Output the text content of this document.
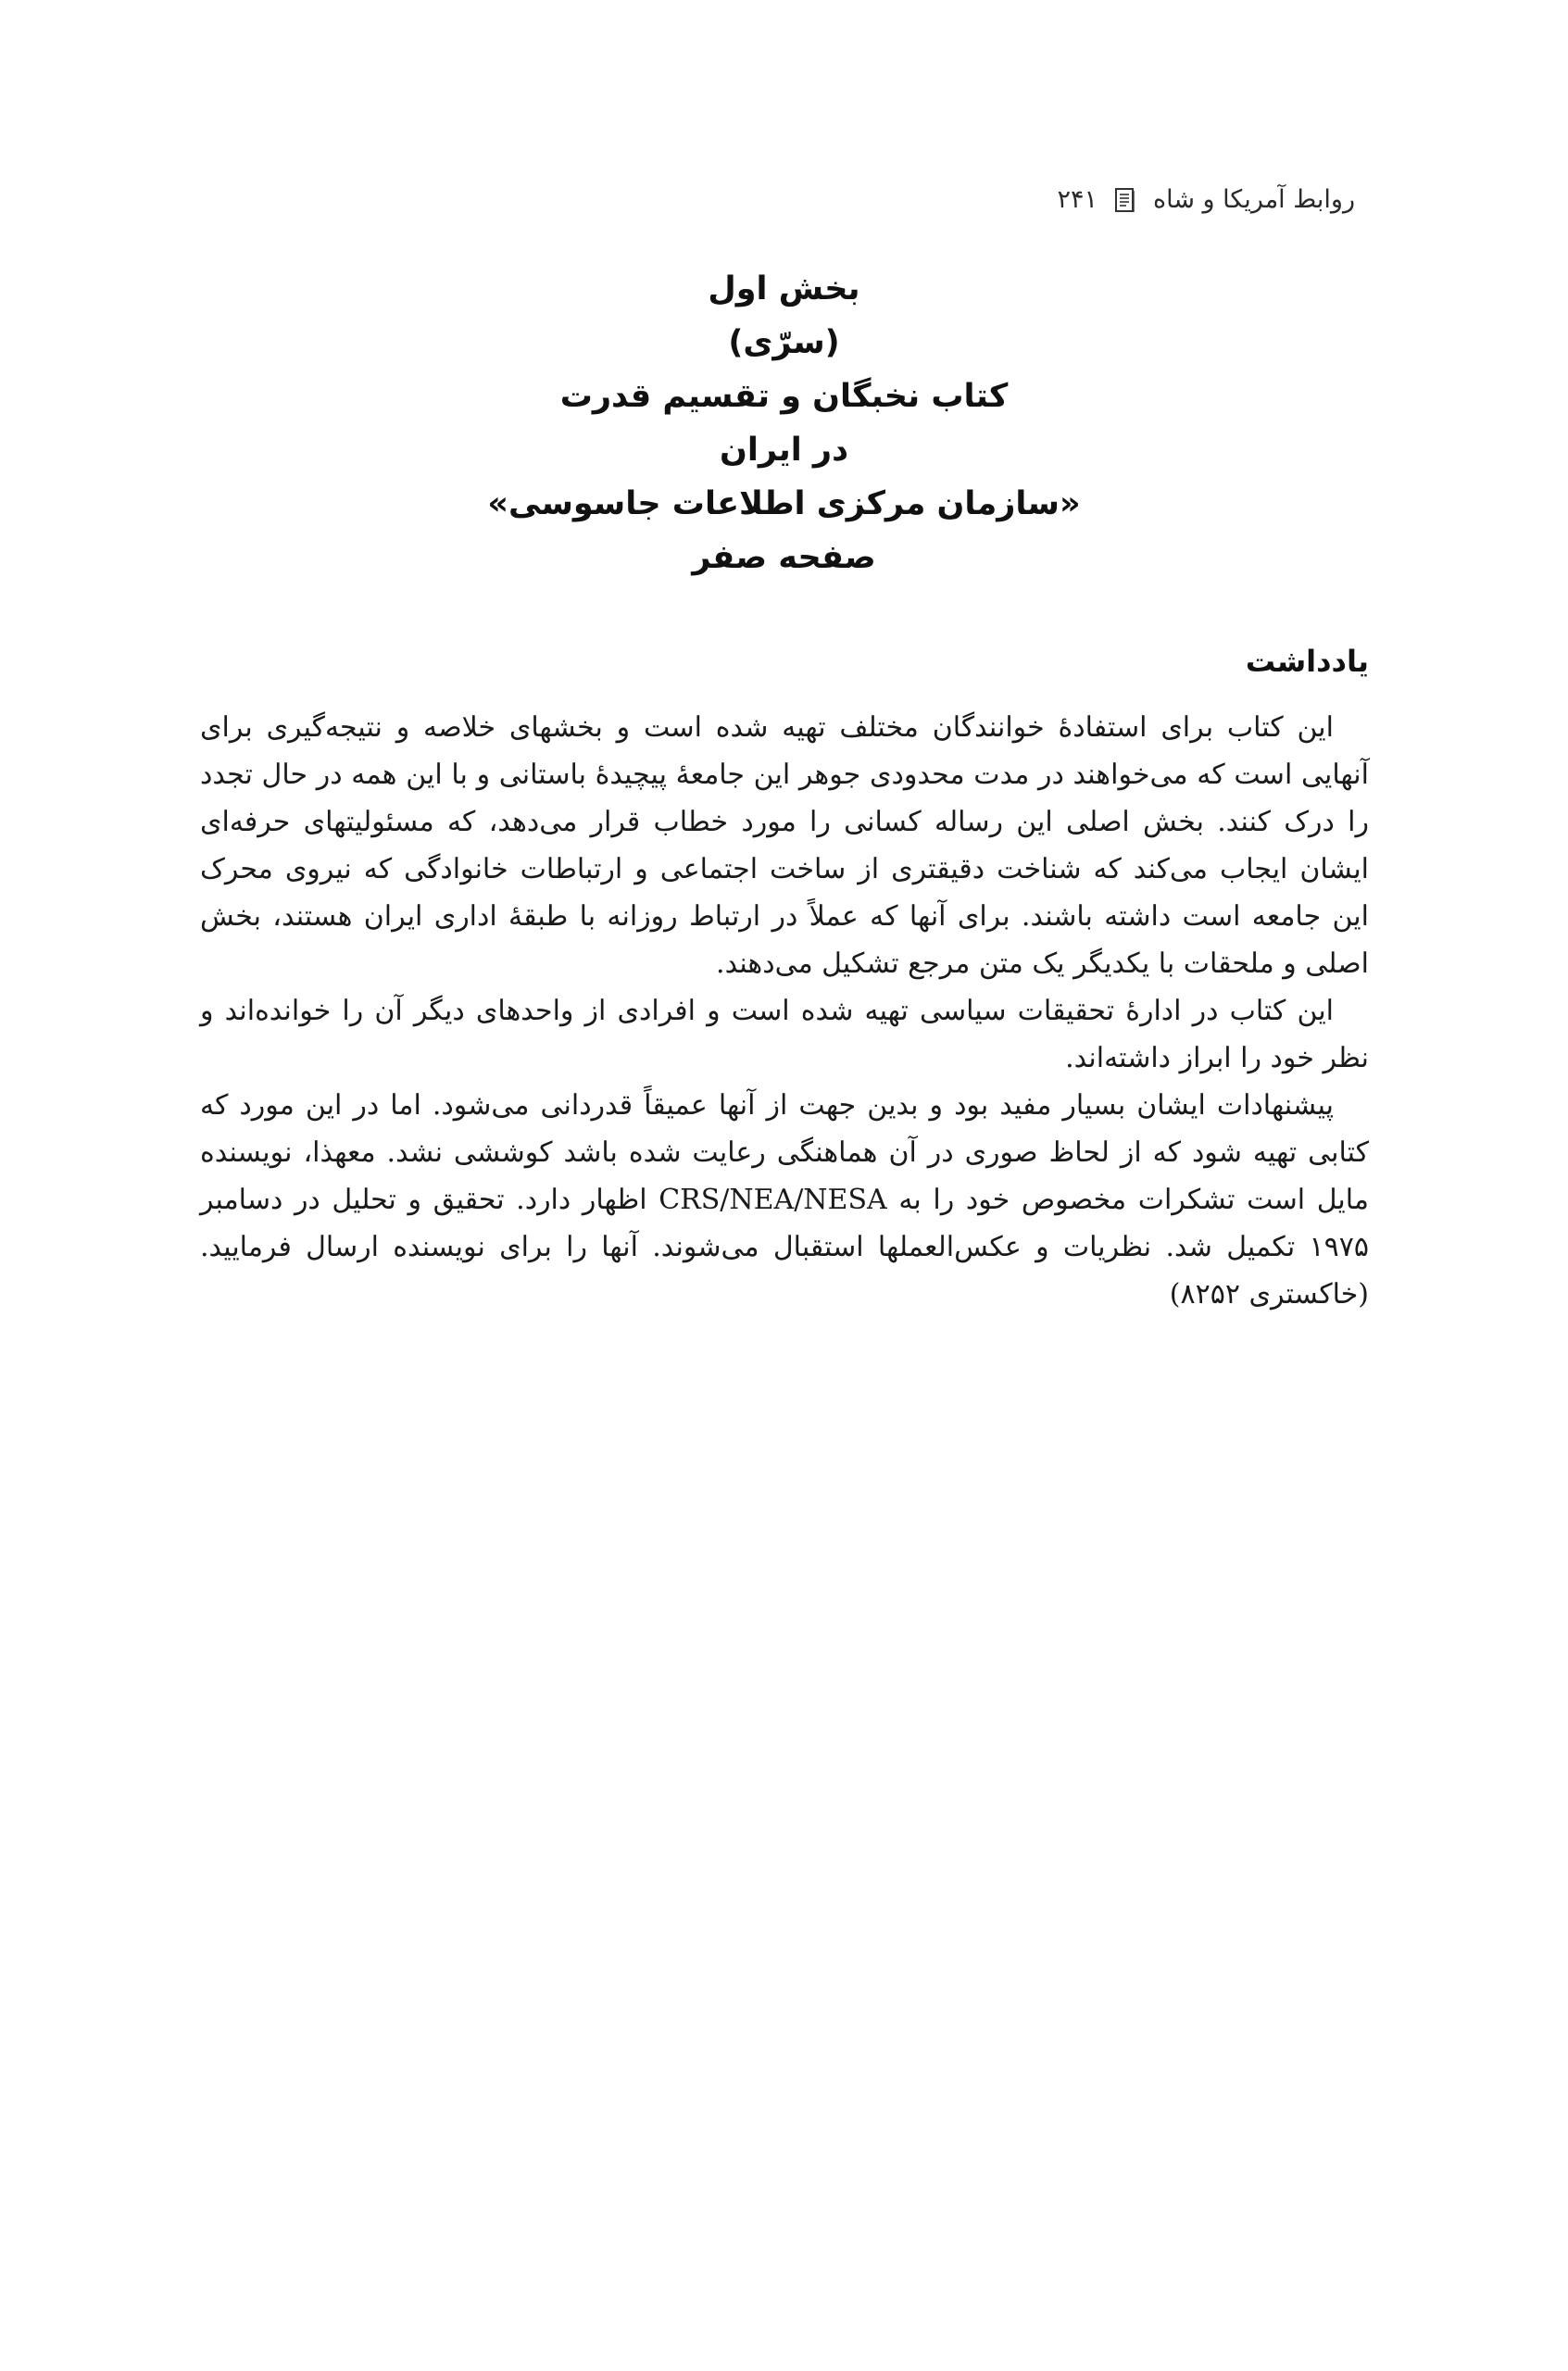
روابط آمریکا و شاه
۲۴۱
بخش اول
(سرّی)
کتاب نخبگان و تقسیم قدرت
در ایران
«سازمان مرکزی اطلاعات جاسوسی»
صفحه صفر
یادداشت

این کتاب برای استفادهٔ خوانندگان مختلف تهیه شده است و بخشهای خلاصه و نتیجه‌گیری برای آنهایی است که می‌خواهند در مدت محدودی جوهر این جامعهٔ پیچیدهٔ باستانی و با این همه در حال تجدد را درک کنند. بخش اصلی این رساله کسانی را مورد خطاب قرار می‌دهد، که مسئولیتهای حرفه‌ای ایشان ایجاب می‌کند که شناخت دقیقتری از ساخت اجتماعی و ارتباطات خانوادگی که نیروی محرک این جامعه است داشته باشند. برای آنها که عملاً در ارتباط روزانه با طبقهٔ اداری ایران هستند، بخش اصلی و ملحقات با یکدیگر یک متن مرجع تشکیل می‌دهند.

این کتاب در ادارهٔ تحقیقات سیاسی تهیه شده است و افرادی از واحدهای دیگر آن را خوانده‌اند و نظر خود را ابراز داشته‌اند.

پیشنهادات ایشان بسیار مفید بود و بدین جهت از آنها عمیقاً قدردانی می‌شود. اما در این مورد که کتابی تهیه شود که از لحاظ صوری در آن هماهنگی رعایت شده باشد کوششی نشد. معهذا، نویسنده مایل است تشکرات مخصوص خود را به CRS/NEA/NESA اظهار دارد. تحقیق و تحلیل در دسامبر ۱۹۷۵ تکمیل شد. نظریات و عکس‌العملها استقبال می‌شوند. آنها را برای نویسنده ارسال فرمایید. (خاکستری ۸۲۵۲)
